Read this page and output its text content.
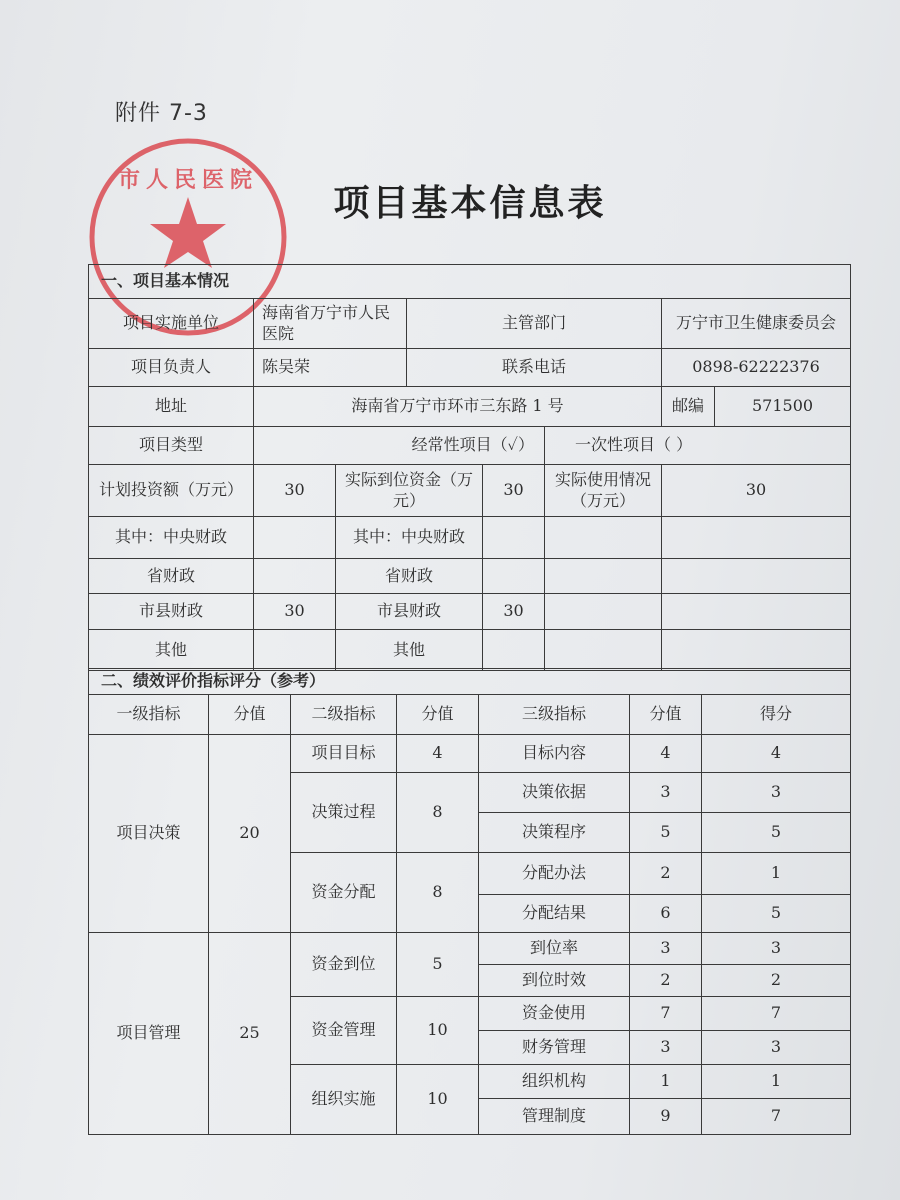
附件 7-3
市人民医院
项目基本信息表
一、项目基本情况							
项目实施单位	海南省万宁市人民医院		主管部门			万宁市卫生健康委员会	
项目负责人	陈吴荣		联系电话			0898-62222376	
地址	海南省万宁市环市三东路 1 号					邮编	571500
项目类型	经常性项目（✓）				一次性项目（ ）		
计划投资额（万元）	30	实际到位资金（万元）		30	实际使用情况（万元）	30	
其中：中央财政		其中：中央财政					
省财政		省财政					
市县财政	30	市县财政		30			
其他		其他					
二、绩效评价指标评分（参考）						
一级指标	分值	二级指标	分值	三级指标	分值	得分
项目决策	20	项目目标	4	目标内容	4	4
		决策过程	8	决策依据	3	3
				决策程序	5	5
		资金分配	8	分配办法	2	1
				分配结果	6	5
项目管理	25	资金到位	5	到位率	3	3
				到位时效	2	2
		资金管理	10	资金使用	7	7
				财务管理	3	3
		组织实施	10	组织机构	1	1
				管理制度	9	7
